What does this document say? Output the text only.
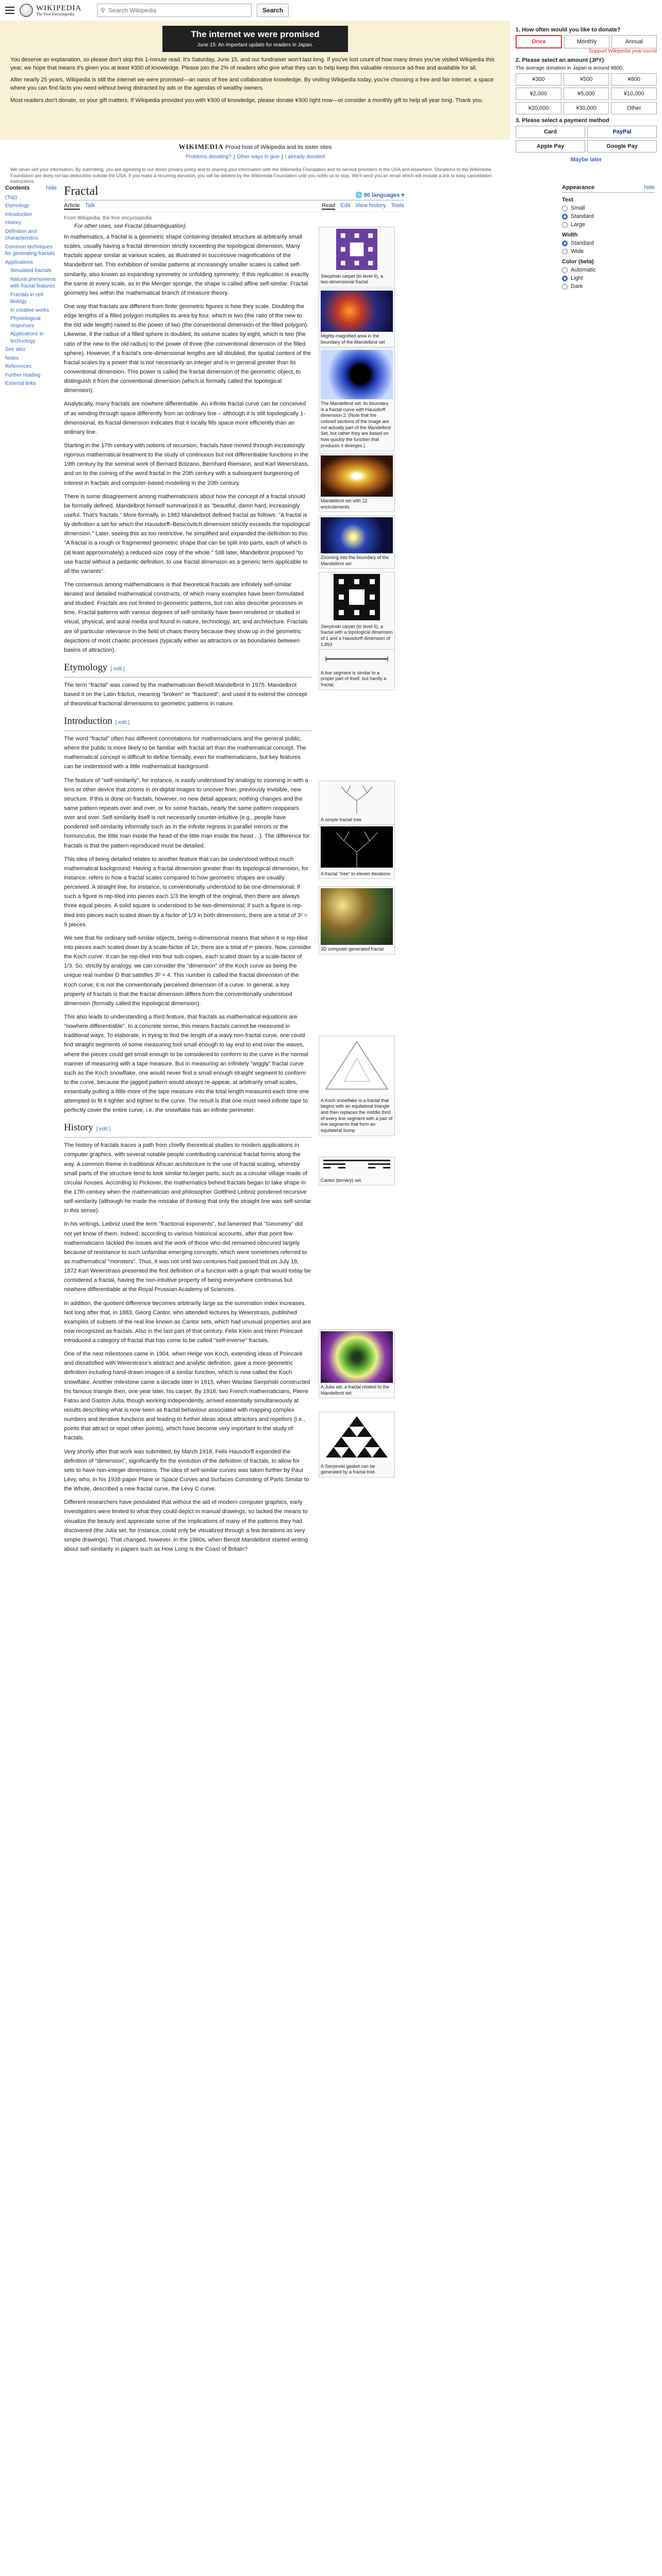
WIKIPEDIA
The Free Encyclopedia	⚲ Search Wikipedia	Search
The internet we were promised
June 15: An important update for readers in Japan.

You deserve an explanation, so please don't skip this 1-minute read. It's Saturday, June 15, and our fundraiser won't last long. If you've lost count of how many times you've visited Wikipedia this year, we hope that means it's given you at least ¥300 of knowledge. Please join the 2% of readers who give what they can to help keep this valuable resource ad-free and available for all.

After nearly 25 years, Wikipedia is still the internet we were promised—an oasis of free and collaborative knowledge. By visiting Wikipedia today, you're choosing a free and fair internet: a space where you can find facts you need without being distracted by ads or the agendas of wealthy owners.

Most readers don't donate, so your gift matters. If Wikipedia provided you with ¥300 of knowledge, please donate ¥300 right now—or consider a monthly gift to help all year long. Thank you.

WIKIMEDIA Proud host of Wikipedia and its sister sites
Problems donating? | Other ways to give | I already donated
1. How often would you like to donate?
Once	Monthly	Annual
Support Wikipedia year-round
2. Please select an amount (JPY)
The average donation in Japan is around ¥800.
¥300	¥500	¥800
¥2,000	¥5,000	¥10,000
¥20,000	¥30,000	Other
3. Please select a payment method
Card	PayPal
Apple Pay	Google Pay
Maybe later
We never sell your information. By submitting, you are agreeing to our donor privacy policy and to sharing your information with the Wikimedia Foundation and its service providers in the USA and elsewhere. Donations to the Wikimedia Foundation are likely not tax-deductible outside the USA. If you make a recurring donation, you will be debited by the Wikimedia Foundation until you notify us to stop. We'll send you an email which will include a link to easy cancellation instructions.
Contents	hide
(Top)
Etymology
Introduction
History
Definition and characteristics
Common techniques for generating fractals
Applications
Simulated fractals
Natural phenomena with fractal features
Fractals in cell biology
In creative works
Physiological responses
Applications in technology
See also
Notes
References
Further reading
External links
Fractal	🌐 80 languages ▾
Article Talk	Read Edit View history Tools
From Wikipedia, the free encyclopedia
For other uses, see Fractal (disambiguation).

In mathematics, a fractal is a geometric shape containing detailed structure at arbitrarily small scales, usually having a fractal dimension strictly exceeding the topological dimension. Many fractals appear similar at various scales, as illustrated in successive magnifications of the Mandelbrot set. This exhibition of similar patterns at increasingly smaller scales is called self-similarity, also known as expanding symmetry or unfolding symmetry; if this replication is exactly the same at every scale, as in the Menger sponge, the shape is called affine self-similar. Fractal geometry lies within the mathematical branch of measure theory.

One way that fractals are different from finite geometric figures is how they scale. Doubling the edge lengths of a filled polygon multiplies its area by four, which is two (the ratio of the new to the old side length) raised to the power of two (the conventional dimension of the filled polygon). Likewise, if the radius of a filled sphere is doubled, its volume scales by eight, which is two (the ratio of the new to the old radius) to the power of three (the conventional dimension of the filled sphere). However, if a fractal's one-dimensional lengths are all doubled, the spatial content of the fractal scales by a power that is not necessarily an integer and is in general greater than its conventional dimension. This power is called the fractal dimension of the geometric object, to distinguish it from the conventional dimension (which is formally called the topological dimension).

Analytically, many fractals are nowhere differentiable. An infinite fractal curve can be conceived of as winding through space differently from an ordinary line – although it is still topologically 1-dimensional, its fractal dimension indicates that it locally fills space more efficiently than an ordinary line.

Starting in the 17th century with notions of recursion, fractals have moved through increasingly rigorous mathematical treatment to the study of continuous but not differentiable functions in the 19th century by the seminal work of Bernard Bolzano, Bernhard Riemann, and Karl Weierstrass, and on to the coining of the word fractal in the 20th century with a subsequent burgeoning of interest in fractals and computer-based modelling in the 20th century.

There is some disagreement among mathematicians about how the concept of a fractal should be formally defined. Mandelbrot himself summarized it as "beautiful, damn hard, increasingly useful. That's fractals." More formally, in 1982 Mandelbrot defined fractal as follows: "A fractal is by definition a set for which the Hausdorff–Besicovitch dimension strictly exceeds the topological dimension." Later, seeing this as too restrictive, he simplified and expanded the definition to this: "A fractal is a rough or fragmented geometric shape that can be split into parts, each of which is (at least approximately) a reduced-size copy of the whole." Still later, Mandelbrot proposed "to use fractal without a pedantic definition, to use fractal dimension as a generic term applicable to all the variants".

The consensus among mathematicians is that theoretical fractals are infinitely self-similar iterated and detailed mathematical constructs, of which many examples have been formulated and studied. Fractals are not limited to geometric patterns, but can also describe processes in time. Fractal patterns with various degrees of self-similarity have been rendered or studied in visual, physical, and aural media and found in nature, technology, art, and architecture. Fractals are of particular relevance in the field of chaos theory because they show up in the geometric depictions of most chaotic processes (typically either as attractors or as boundaries between basins of attraction).

Etymology [ edit ]

The term "fractal" was coined by the mathematician Benoît Mandelbrot in 1975. Mandelbrot based it on the Latin frāctus, meaning "broken" or "fractured", and used it to extend the concept of theoretical fractional dimensions to geometric patterns in nature.

Introduction [ edit ]

The word "fractal" often has different connotations for mathematicians and the general public, where the public is more likely to be familiar with fractal art than the mathematical concept. The mathematical concept is difficult to define formally, even for mathematicians, but key features can be understood with a little mathematical background.

The feature of "self-similarity", for instance, is easily understood by analogy to zooming in with a lens or other device that zooms in on digital images to uncover finer, previously invisible, new structure. If this is done on fractals, however, no new detail appears; nothing changes and the same pattern repeats over and over, or for some fractals, nearly the same pattern reappears over and over. Self-similarity itself is not necessarily counter-intuitive (e.g., people have pondered self-similarity informally such as in the infinite regress in parallel mirrors or the homunculus, the little man inside the head of the little man inside the head ...). The difference for fractals is that the pattern reproduced must be detailed.

This idea of being detailed relates to another feature that can be understood without much mathematical background: Having a fractal dimension greater than its topological dimension, for instance, refers to how a fractal scales compared to how geometric shapes are usually perceived. A straight line, for instance, is conventionally understood to be one-dimensional; if such a figure is rep-tiled into pieces each 1/3 the length of the original, then there are always three equal pieces. A solid square is understood to be two-dimensional; if such a figure is rep-tiled into pieces each scaled down by a factor of 1/3 in both dimensions, there are a total of 3² = 9 pieces.

We see that for ordinary self-similar objects, being n-dimensional means that when it is rep-tiled into pieces each scaled down by a scale-factor of 1/r, there are a total of rⁿ pieces. Now, consider the Koch curve. It can be rep-tiled into four sub-copies, each scaled down by a scale-factor of 1/3. So, strictly by analogy, we can consider the "dimension" of the Koch curve as being the unique real number D that satisfies 3ᴰ = 4. This number is called the fractal dimension of the Koch curve; it is not the conventionally perceived dimension of a curve. In general, a key property of fractals is that the fractal dimension differs from the conventionally understood dimension (formally called the topological dimension).

This also leads to understanding a third feature, that fractals as mathematical equations are "nowhere differentiable". In a concrete sense, this means fractals cannot be measured in traditional ways. To elaborate, in trying to find the length of a wavy non-fractal curve, one could find straight segments of some measuring tool small enough to lay end to end over the waves, where the pieces could get small enough to be considered to conform to the curve in the normal manner of measuring with a tape measure. But in measuring an infinitely "wiggly" fractal curve such as the Koch snowflake, one would never find a small enough straight segment to conform to the curve, because the jagged pattern would always re-appear, at arbitrarily small scales, essentially pulling a little more of the tape measure into the total length measured each time one attempted to fit it tighter and tighter to the curve. The result is that one must need infinite tape to perfectly cover the entire curve, i.e. the snowflake has an infinite perimeter.

History [ edit ]

The history of fractals traces a path from chiefly theoretical studies to modern applications in computer graphics, with several notable people contributing canonical fractal forms along the way. A common theme in traditional African architecture is the use of fractal scaling, whereby small parts of the structure tend to look similar to larger parts, such as a circular village made of circular houses. According to Pickover, the mathematics behind fractals began to take shape in the 17th century when the mathematician and philosopher Gottfried Leibniz pondered recursive self-similarity (although he made the mistake of thinking that only the straight line was self-similar in this sense).

In his writings, Leibniz used the term "fractional exponents", but lamented that "Geometry" did not yet know of them. Indeed, according to various historical accounts, after that point few mathematicians tackled the issues and the work of those who did remained obscured largely because of resistance to such unfamiliar emerging concepts, which were sometimes referred to as mathematical "monsters". Thus, it was not until two centuries had passed that on July 18, 1872 Karl Weierstrass presented the first definition of a function with a graph that would today be considered a fractal, having the non-intuitive property of being everywhere continuous but nowhere differentiable at the Royal Prussian Academy of Sciences.

In addition, the quotient difference becomes arbitrarily large as the summation index increases. Not long after that, in 1883, Georg Cantor, who attended lectures by Weierstrass, published examples of subsets of the real line known as Cantor sets, which had unusual properties and are now recognized as fractals. Also in the last part of that century, Felix Klein and Henri Poincaré introduced a category of fractal that has come to be called "self-inverse" fractals.

One of the next milestones came in 1904, when Helge von Koch, extending ideas of Poincaré and dissatisfied with Weierstrass's abstract and analytic definition, gave a more geometric definition including hand-drawn images of a similar function, which is now called the Koch snowflake. Another milestone came a decade later in 1915, when Wacław Sierpiński constructed his famous triangle then, one year later, his carpet. By 1918, two French mathematicians, Pierre Fatou and Gaston Julia, though working independently, arrived essentially simultaneously at results describing what is now seen as fractal behaviour associated with mapping complex numbers and iterative functions and leading to further ideas about attractors and repellors (i.e., points that attract or repel other points), which have become very important in the study of fractals.

Very shortly after that work was submitted, by March 1918, Felix Hausdorff expanded the definition of "dimension", significantly for the evolution of the definition of fractals, to allow for sets to have non-integer dimensions. The idea of self-similar curves was taken further by Paul Lévy, who, in his 1938 paper Plane or Space Curves and Surfaces Consisting of Parts Similar to the Whole, described a new fractal curve, the Lévy C curve.

Different researchers have postulated that without the aid of modern computer graphics, early investigators were limited to what they could depict in manual drawings, so lacked the means to visualize the beauty and appreciate some of the implications of many of the patterns they had discovered (the Julia set, for instance, could only be visualized through a few iterations as very simple drawings). That changed, however, in the 1960s, when Benoit Mandelbrot started writing about self-similarity in papers such as How Long Is the Coast of Britain?

Sierpiński carpet (to level 6), a two-dimensional fractal
Mighty-magnified area in the boundary of the Mandelbrot set
The Mandelbrot set: its boundary is a fractal curve with Hausdorff dimension 2. (Note that the colored sections of the image are not actually part of the Mandelbrot Set, but rather they are based on how quickly the function that produces it diverges.)
Mandelbrot set with 12 encirclements
Zooming into the boundary of the Mandelbrot set
Sierpinski carpet (to level 6), a fractal with a topological dimension of 1 and a Hausdorff dimension of 1.893
A line segment is similar to a proper part of itself, but hardly a fractal.
A simple fractal tree
A fractal "tree" to eleven iterations
3D computer-generated fractal
A Koch snowflake is a fractal that begins with an equilateral triangle and then replaces the middle third of every line segment with a pair of line segments that form an equilateral bump
Cantor (ternary) set.
A Julia set, a fractal related to the Mandelbrot set
A Sierpinski gasket can be generated by a fractal tree.
Appearance	hide
Text
Small
Standard
Large
Width
Standard
Wide
Color (beta)
Automatic
Light
Dark
